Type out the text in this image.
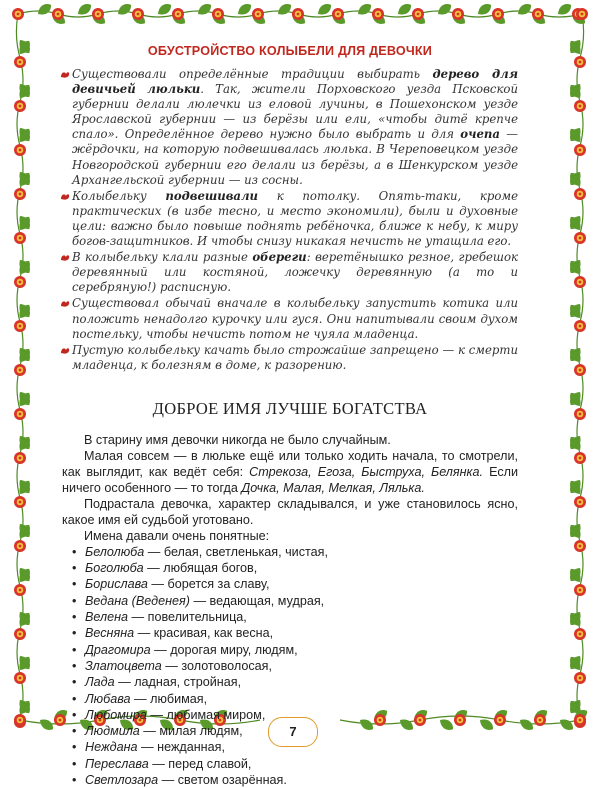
ОБУСТРОЙСТВО КОЛЫБЕЛИ ДЛЯ ДЕВОЧКИ
Существовали определённые традиции выбирать дерево для девичьей люльки. Так, жители Порховского уезда Псковской губернии делали люлечки из еловой лучины, в Пошехонском уезде Ярославской губернии — из берёзы или ели, «чтобы дитё крепче спало». Определённое дерево нужно было выбрать и для очепа — жёрдочки, на которую подвешивалась люлька. В Череповецком уезде Новгородской губернии его делали из берёзы, а в Шенкурском уезде Архангельской губернии — из сосны.
Колыбельку подвешивали к потолку. Опять-таки, кроме практических (в избе тесно, и место экономили), были и духовные цели: важно было повыше поднять ребёночка, ближе к небу, к миру богов-защитников. И чтобы снизу никакая нечисть не утащила его.
В колыбельку клали разные обереги: веретёнышко резное, гребешок деревянный или костяной, ложечку деревянную (а то и серебряную!) расписную.
Существовал обычай вначале в колыбельку запустить котика или положить ненадолго курочку или гуся. Они напитывали своим духом постельку, чтобы нечисть потом не чуяла младенца.
Пустую колыбельку качать было строжайше запрещено — к смерти младенца, к болезням в доме, к разорению.
ДОБРОЕ ИМЯ ЛУЧШЕ БОГАТСТВА

В старину имя девочки никогда не было случайным.

Малая совсем — в люльке ещё или только ходить начала, то смотрели, как выглядит, как ведёт себя: Стрекоза, Егоза, Быструха, Белянка. Если ничего особенного — то тогда Дочка, Малая, Мелкая, Лялька.

Подрастала девочка, характер складывался, и уже становилось ясно, какое имя ей судьбой уготовано.

Имена давали очень понятные:

• Белолюба — белая, светленькая, чистая,
• Боголюба — любящая богов,
• Борислава — борется за славу,
• Ведана (Веденея) — ведающая, мудрая,
• Велена — повелительница,
• Весняна — красивая, как весна,
• Драгомира — дорогая миру, людям,
• Златоцвета — золотоволосая,
• Лада — ладная, стройная,
• Любава — любимая,
• Любомира — любимая миром,
• Людмила — милая людям,
• Неждана — нежданная,
• Переслава — перед славой,
• Светлозара — светом озарённая.
7
